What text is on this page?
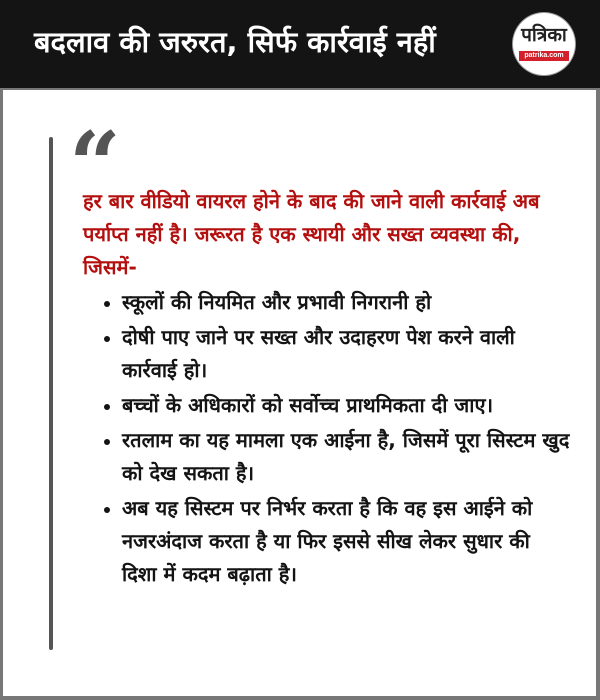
बदलाव की जरुरत, सिर्फ कार्रवाई नहीं	पत्रिका
patrika.com
“
हर बार वीडियो वायरल होने के बाद की जाने वाली कार्रवाई अब पर्याप्त नहीं है। जरूरत है एक स्थायी और सख्त व्यवस्था की, जिसमें-
स्कूलों की नियमित और प्रभावी निगरानी हो
दोषी पाए जाने पर सख्त और उदाहरण पेश करने वाली कार्रवाई हो।
बच्चों के अधिकारों को सर्वोच्च प्राथमिकता दी जाए।
रतलाम का यह मामला एक आईना है, जिसमें पूरा सिस्टम खुद को देख सकता है।
अब यह सिस्टम पर निर्भर करता है कि वह इस आईने को नजरअंदाज करता है या फिर इससे सीख लेकर सुधार की दिशा में कदम बढ़ाता है।
